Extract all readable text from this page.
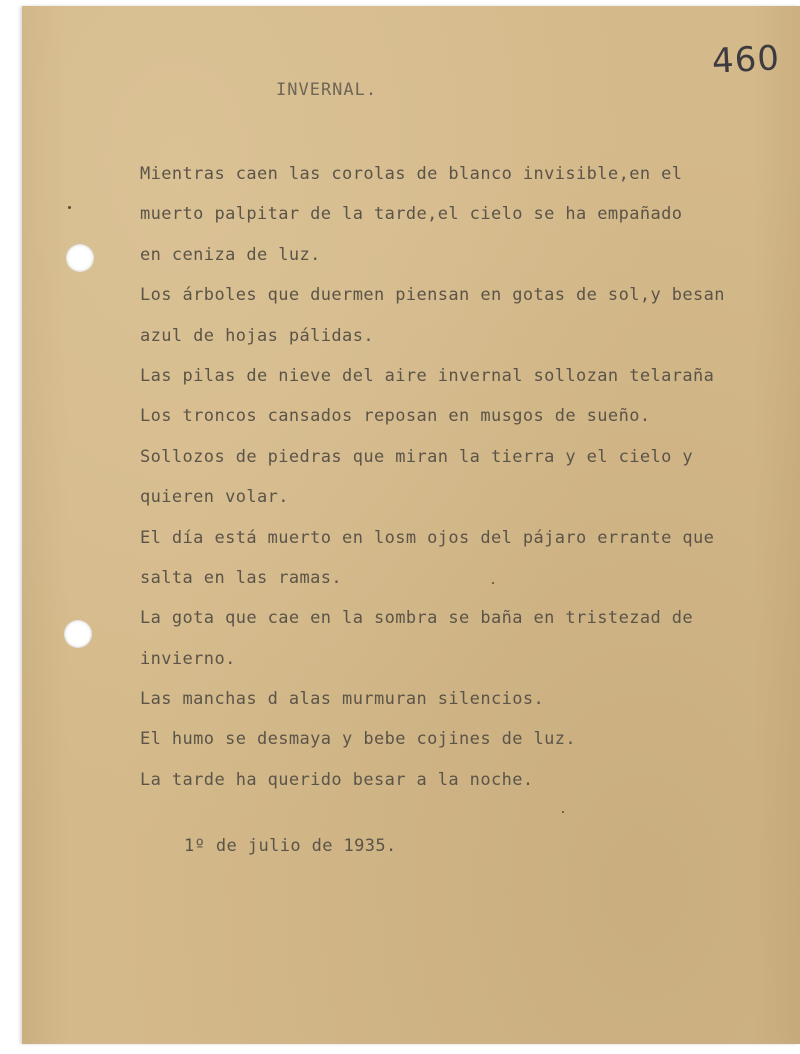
460
INVERNAL.
Mientras caen las corolas de blanco invisible,en el
muerto palpitar de la tarde,el cielo se ha empañado
en ceniza de luz.
Los árboles que duermen piensan en gotas de sol,y besan
azul de hojas pálidas.
Las pilas de nieve del aire invernal sollozan telaraña
Los troncos cansados reposan en musgos de sueño.
Sollozos de piedras que miran la tierra y el cielo y
quieren volar.
El día está muerto en losm ojos del pájaro errante que
salta en las ramas.
La gota que cae en la sombra se baña en tristezad de
invierno.
Las manchas d alas murmuran silencios.
El humo se desmaya y bebe cojines de luz.
La tarde ha querido besar a la noche.
1º de julio de 1935.
